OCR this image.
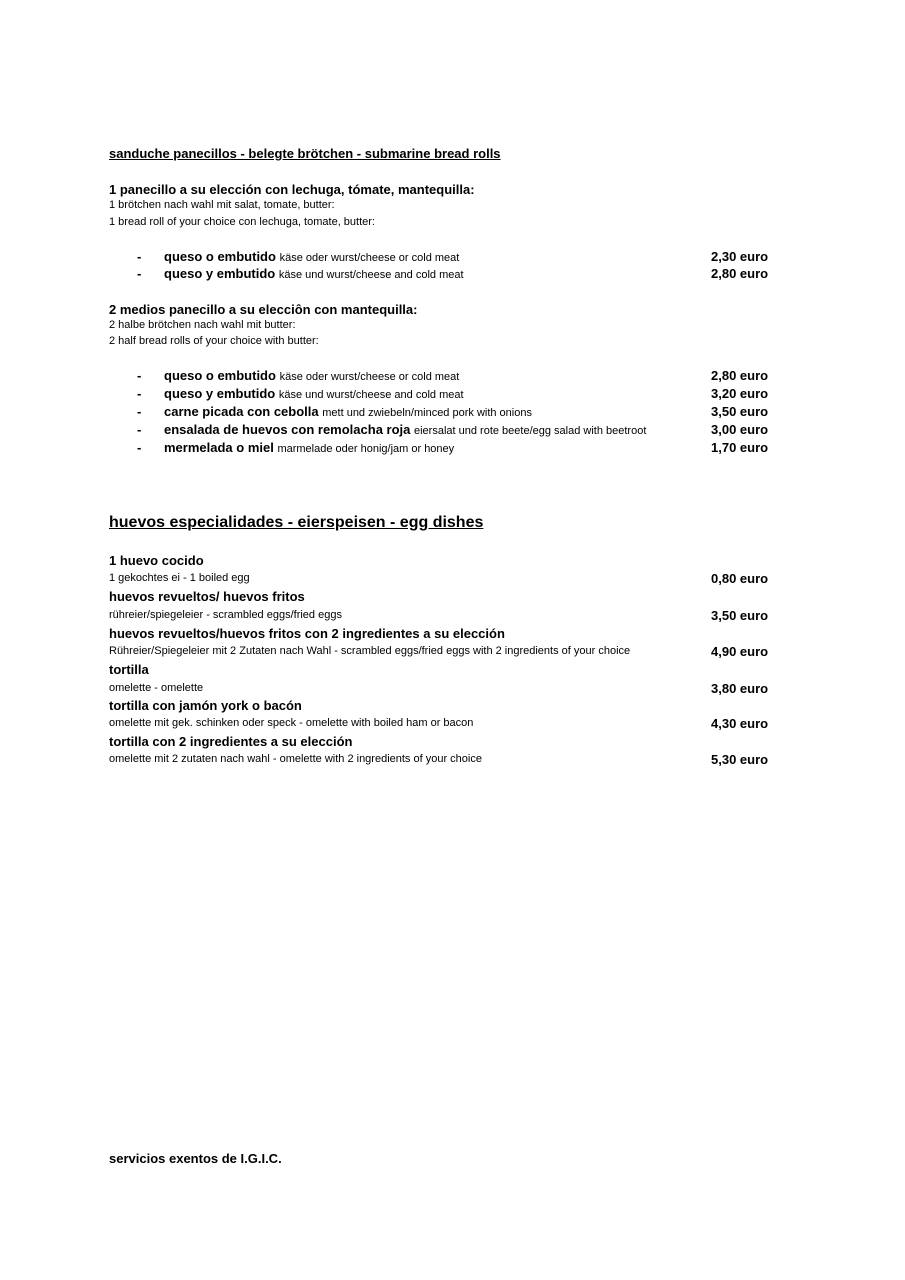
sanduche panecillos - belegte brötchen - submarine bread rolls
1 panecillo a su elección con lechuga, tómate, mantequilla:
1 brötchen nach wahl mit salat, tomate, butter:
1 bread roll of your choice con lechuga, tomate, butter:
- queso o embutido käse oder wurst/cheese or cold meat	2,30 euro
- queso y embutido käse und wurst/cheese and cold meat	2,80 euro
2 medios panecillo a su elecciôn con mantequilla:
2 halbe brötchen nach wahl mit butter:
2 half bread rolls of your choice with butter:
- queso o embutido käse oder wurst/cheese or cold meat	2,80 euro
- queso y embutido käse und wurst/cheese and cold meat	3,20 euro
- carne picada con cebolla mett und zwiebeln/minced pork with onions	3,50 euro
- ensalada de huevos con remolacha roja eiersalat und rote beete/egg salad with beetroot	3,00 euro
- mermelada o miel marmelade oder honig/jam or honey	1,70 euro
huevos especialidades - eierspeisen - egg dishes
1 huevo cocido
1 gekochtes ei - 1 boiled egg	0,80 euro
huevos revueltos/ huevos fritos
rühreier/spiegeleier - scrambled eggs/fried eggs	3,50 euro
huevos revueltos/huevos fritos con 2 ingredientes a su elección
Rühreier/Spiegeleier mit 2 Zutaten nach Wahl - scrambled eggs/fried eggs with 2 ingredients of your choice	4,90 euro
tortilla
omelette - omelette	3,80 euro
tortilla con jamón york o bacón
omelette mit gek. schinken oder speck - omelette with boiled ham or bacon	4,30 euro
tortilla con 2 ingredientes a su elección
omelette mit 2 zutaten nach wahl - omelette with 2 ingredients of your choice	5,30 euro
servicios exentos de I.G.I.C.
